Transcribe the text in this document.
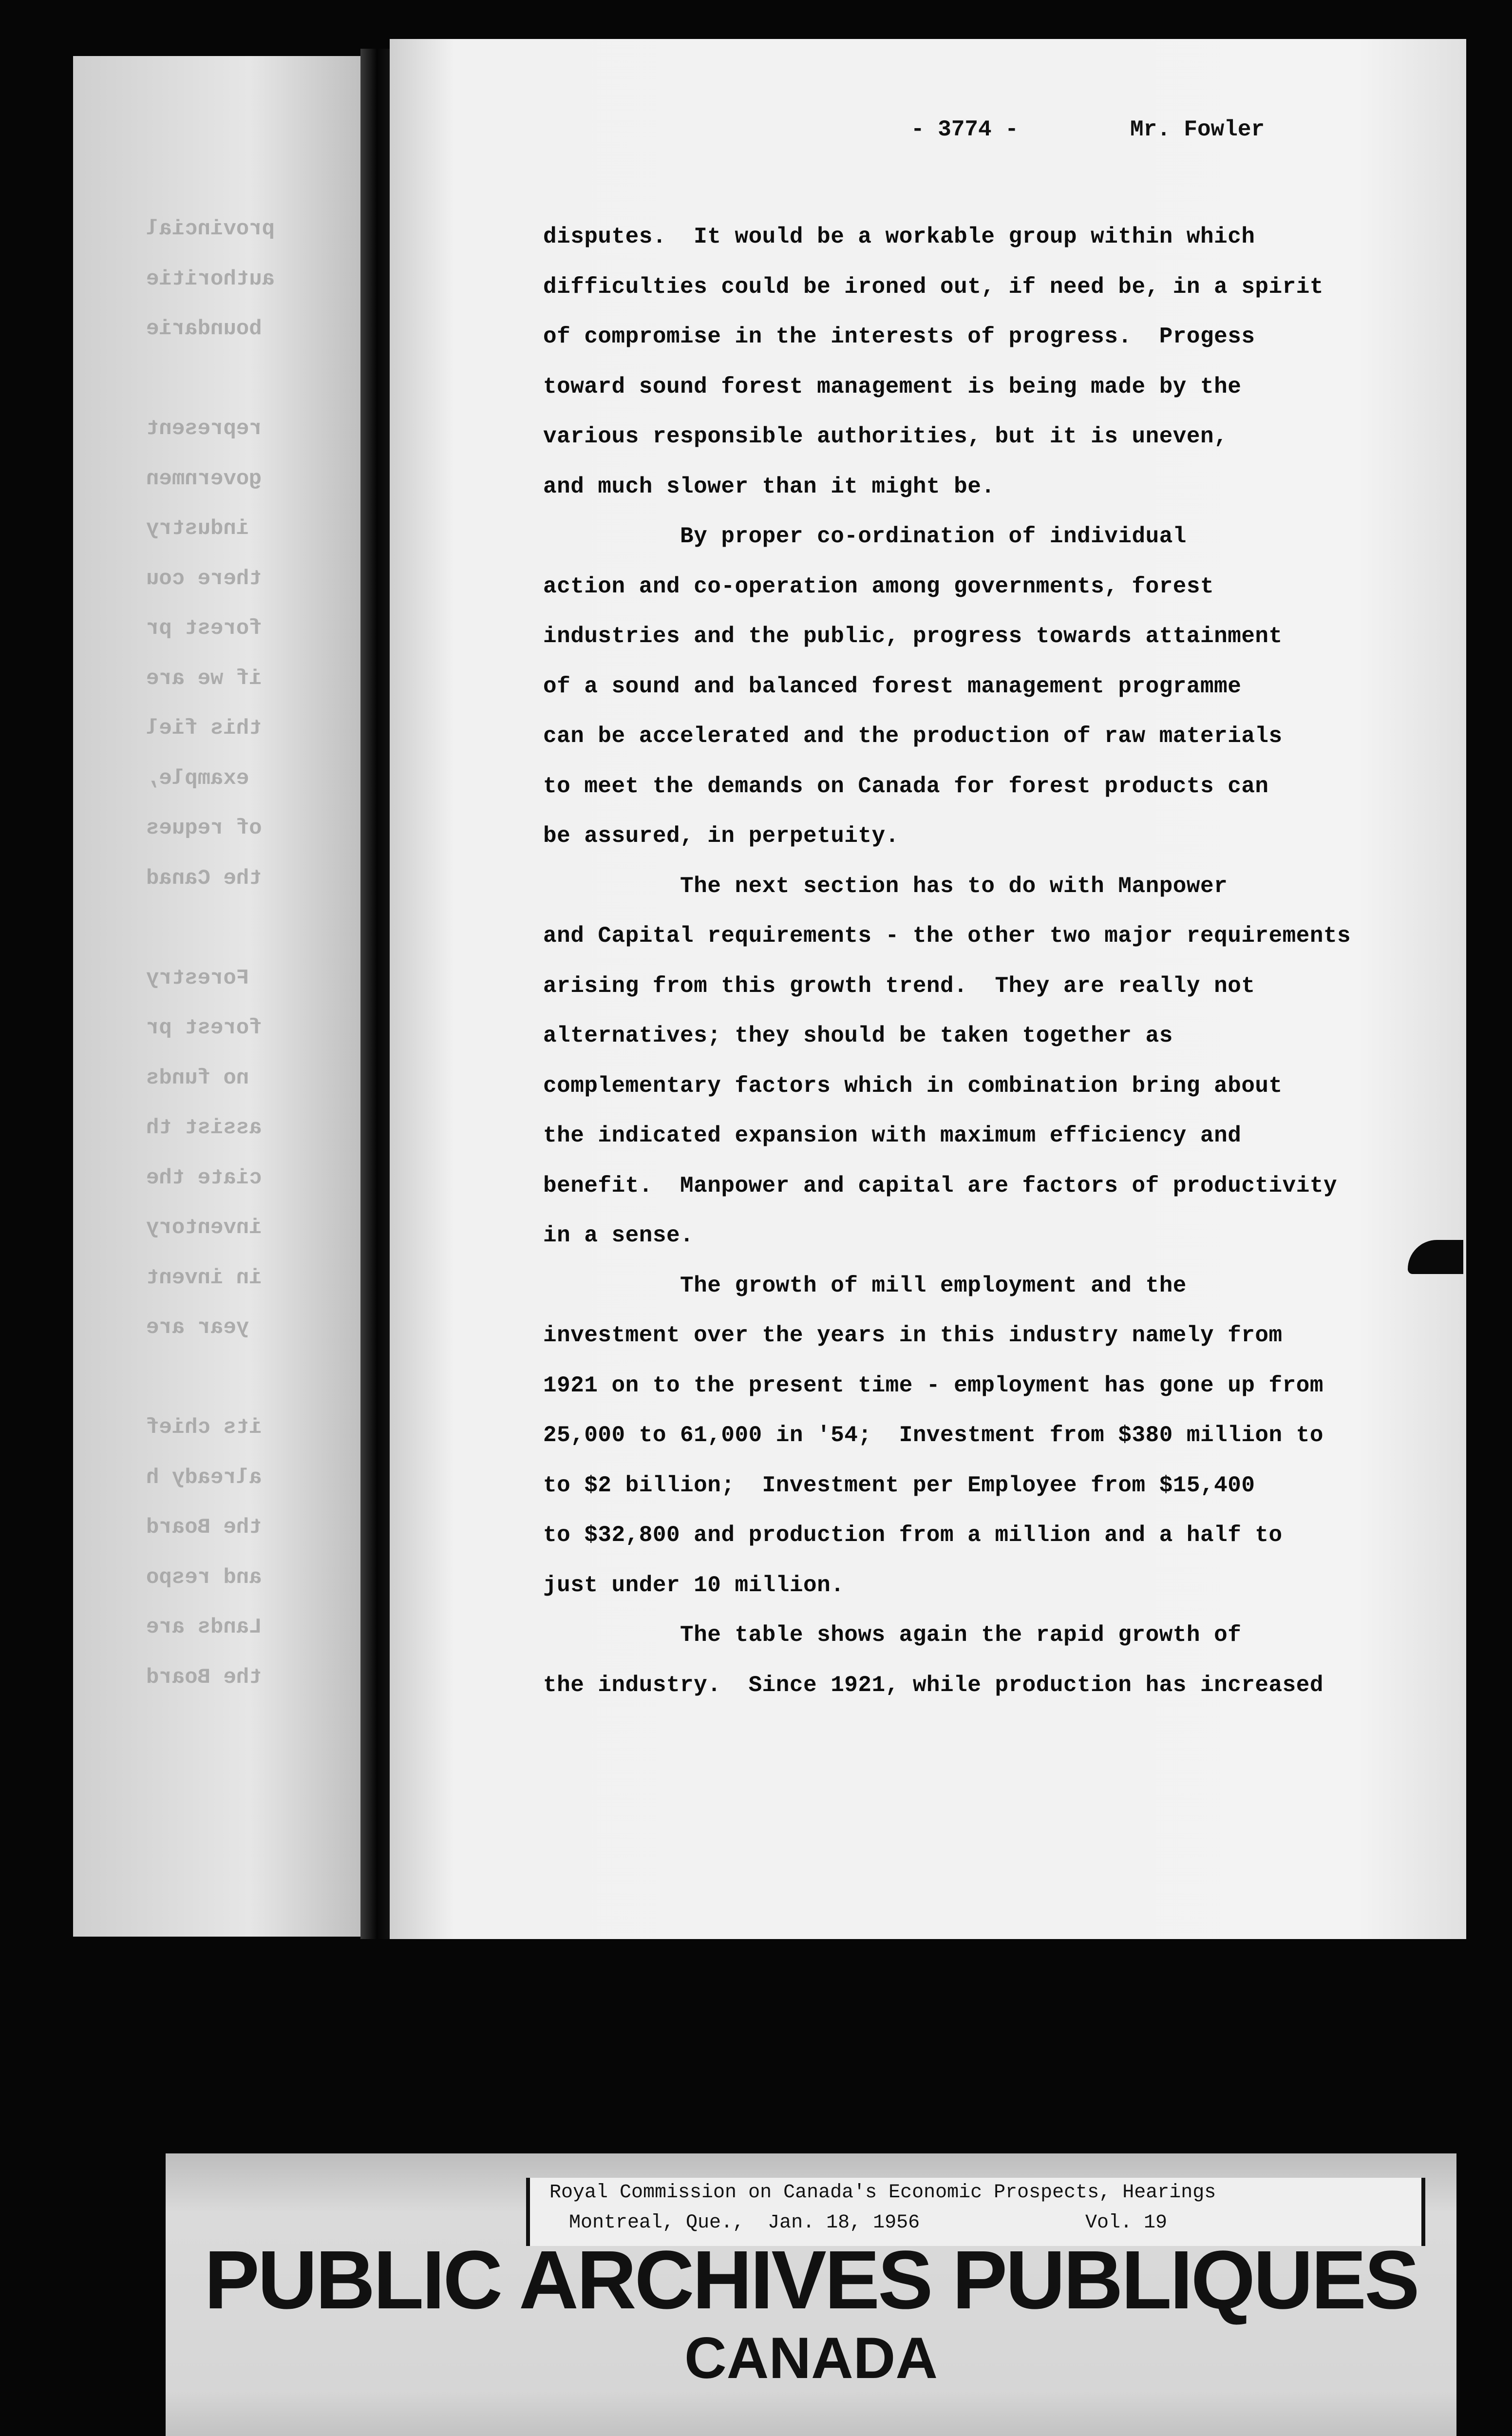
provincial
authoritie
boundarie
represent
governmen
industry
there cou
forest pr
if we are
this fiel
example,
of reques
the Canad
Forestry
forest pr
no funds
assist th
ciate the
inventory
in invent
year are
its chief
already h
the Board
and respo
Lands are
the Board
- 3774 -	Mr. Fowler
disputes.  It would be a workable group within which
difficulties could be ironed out, if need be, in a spirit
of compromise in the interests of progress.  Progess
toward sound forest management is being made by the
various responsible authorities, but it is uneven,
and much slower than it might be.
By proper co-ordination of individual
action and co-operation among governments, forest
industries and the public, progress towards attainment
of a sound and balanced forest management programme
can be accelerated and the production of raw materials
to meet the demands on Canada for forest products can
be assured, in perpetuity.
The next section has to do with Manpower
and Capital requirements - the other two major requirements
arising from this growth trend.  They are really not
alternatives; they should be taken together as
complementary factors which in combination bring about
the indicated expansion with maximum efficiency and
benefit.  Manpower and capital are factors of productivity
in a sense.
The growth of mill employment and the
investment over the years in this industry namely from
1921 on to the present time - employment has gone up from
25,000 to 61,000 in '54;  Investment from $380 million to
to $2 billion;  Investment per Employee from $15,400
to $32,800 and production from a million and a half to
just under 10 million.
The table shows again the rapid growth of
the industry.  Since 1921, while production has increased
Royal Commission on Canada's Economic Prospects, Hearings
Montreal, Que.,  Jan. 18, 1956	Vol. 19
PUBLIC ARCHIVES PUBLIQUES
CANADA
